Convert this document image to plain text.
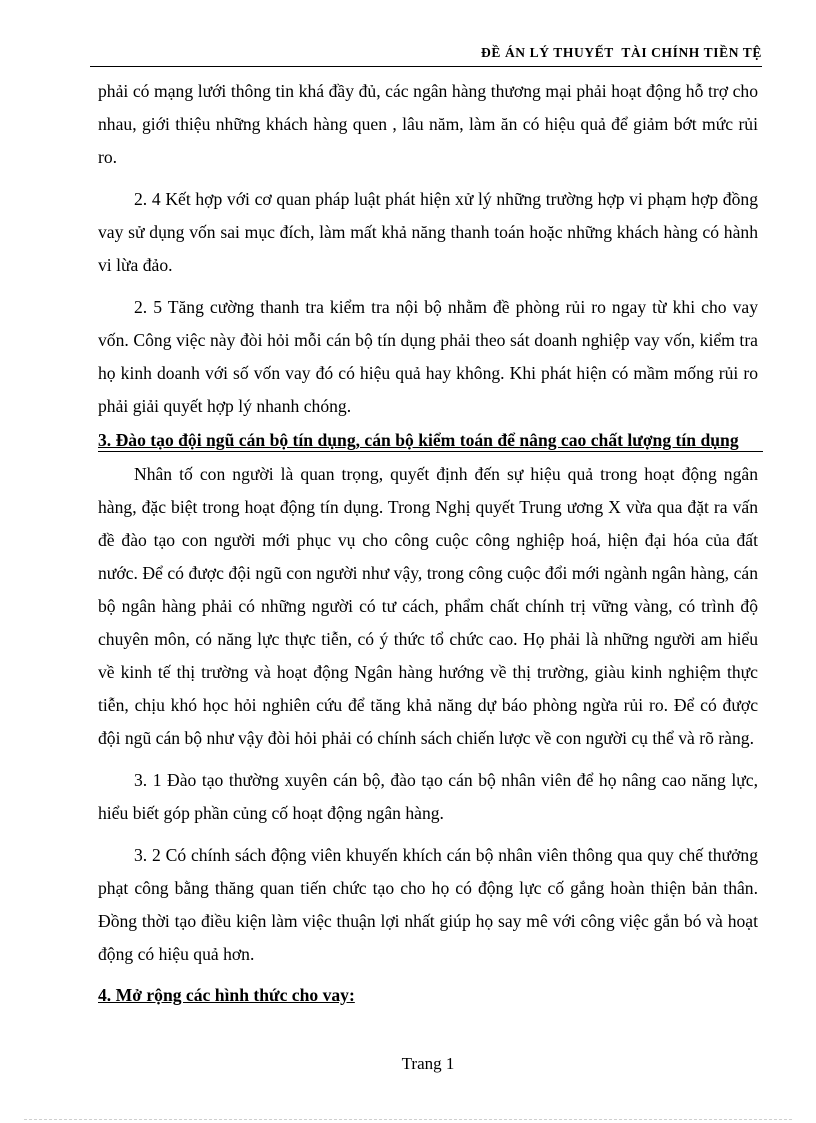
ĐỀ ÁN LÝ THUYẾT  TÀI CHÍNH TIỀN TỆ

phải có mạng lưới thông tin khá đầy đủ, các ngân hàng thương mại phải hoạt động hỗ trợ cho nhau, giới thiệu những khách hàng quen , lâu năm, làm ăn có hiệu quả để giảm bớt mức rủi ro.

2. 4 Kết hợp với cơ quan pháp luật phát hiện xử lý những trường hợp vi phạm hợp đồng vay sử dụng vốn sai mục đích, làm mất khả năng thanh toán hoặc những khách hàng có hành vi lừa đảo.

2. 5 Tăng cường thanh tra kiểm tra nội bộ nhằm đề phòng rủi ro ngay từ khi cho vay vốn. Công việc này đòi hỏi mỗi cán bộ tín dụng phải theo sát doanh nghiệp vay vốn, kiểm tra họ kinh doanh với số vốn vay đó có hiệu quả hay không. Khi phát hiện có mầm mống rủi ro phải giải quyết hợp lý nhanh chóng.

3. Đào tạo đội ngũ cán bộ tín dụng, cán bộ kiểm toán để nâng cao chất lượng tín dụng

Nhân tố con người là quan trọng, quyết định đến sự hiệu quả trong hoạt động ngân hàng, đặc biệt trong hoạt động tín dụng. Trong Nghị quyết Trung ương X vừa qua đặt ra vấn đề đào tạo con người mới phục vụ cho công cuộc công nghiệp hoá, hiện đại hóa của đất nước. Để có được đội ngũ con người như vậy, trong công cuộc đổi mới ngành ngân hàng, cán bộ ngân hàng phải có những người có tư cách, phẩm chất chính trị vững vàng, có trình độ chuyên môn, có năng lực thực tiễn, có ý thức tổ chức cao. Họ phải là những người am hiểu về kinh tế thị trường và hoạt động Ngân hàng hướng về thị trường, giàu kinh nghiệm thực tiễn, chịu khó học hỏi nghiên cứu để tăng khả năng dự báo phòng ngừa rủi ro. Để có được đội ngũ cán bộ như vậy đòi hỏi phải có chính sách chiến lược về con người cụ thể và rõ ràng.

3. 1 Đào tạo thường xuyên cán bộ, đào tạo cán bộ nhân viên để họ nâng cao năng lực, hiểu biết góp phần củng cố hoạt động ngân hàng.

3. 2 Có chính sách động viên khuyến khích cán bộ nhân viên thông qua quy chế thưởng phạt công bằng thăng quan tiến chức tạo cho họ có động lực cố gắng hoàn thiện bản thân. Đồng thời tạo điều kiện làm việc thuận lợi nhất giúp họ say mê với công việc gắn bó và hoạt động có hiệu quả hơn.

4. Mở rộng các hình thức cho vay:
Trang 1
